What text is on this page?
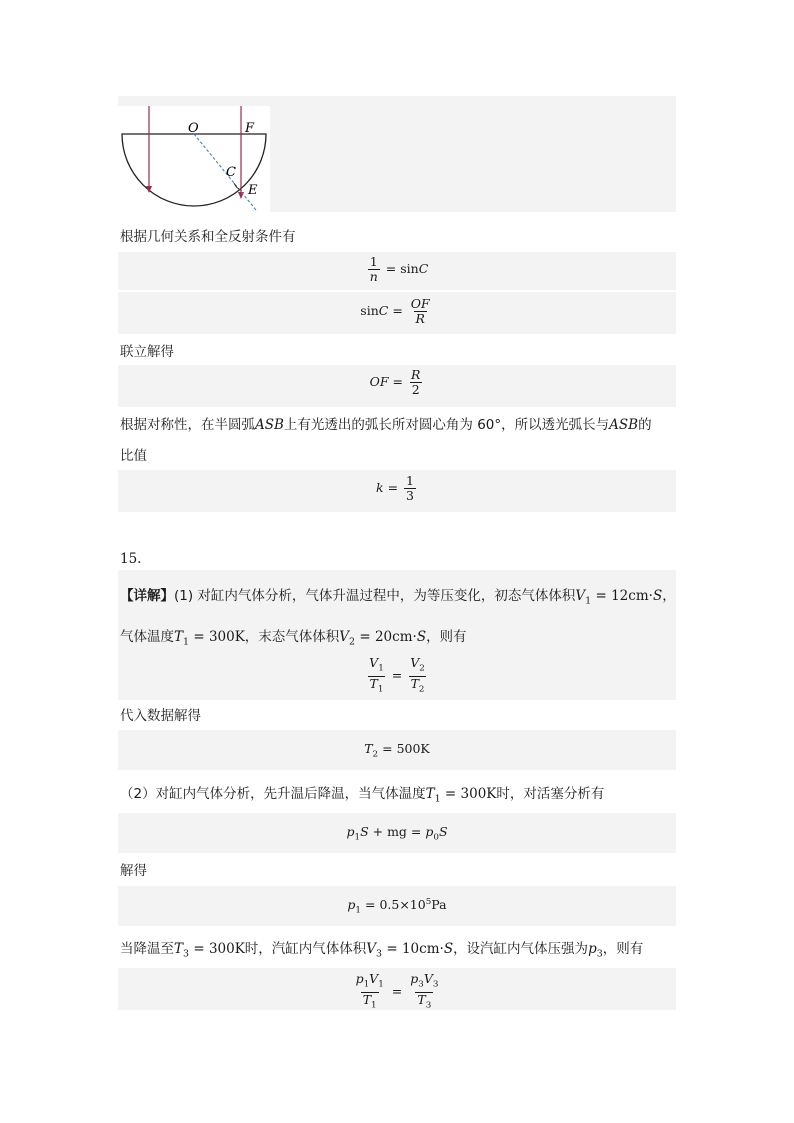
O	F
C
E
根据几何关系和全反射条件有
$\frac{1}{n} = \sin C$
$\sin C = \frac{OF}{R}$
联立解得
OF = $\frac{R}{2}$
根据对称性，在半圆弧ASB上有光透出的弧长所对圆心角为 60°，所以透光弧长与ASB的
比值
$k = \frac{1}{3}$
15.
【详解】(1) 对缸内气体分析，气体升温过程中，为等压变化，初态气体体积$V_1 = 12cm\cdot S$，
气体温度$T_1 = 300K$，末态气体体积$V_2 = 20cm\cdot S$，则有
$\frac{V_1}{T_1} = \frac{V_2}{T_2}$
代入数据解得
$T_2 = 500K$
（2）对缸内气体分析，先升温后降温，当气体温度$T_1 = 300K$时，对活塞分析有
$p_1S$ + mg = $p_0S$
解得
$p_1 = 0.5\times 10^5Pa$
当降温至$T_3 = 300K$时，汽缸内气体体积$V_3 = 10cm\cdot S$，设汽缸内气体压强为$p_3$，则有
$\frac{p_1V_1}{T_1} = \frac{p_3V_3}{T_3}$
